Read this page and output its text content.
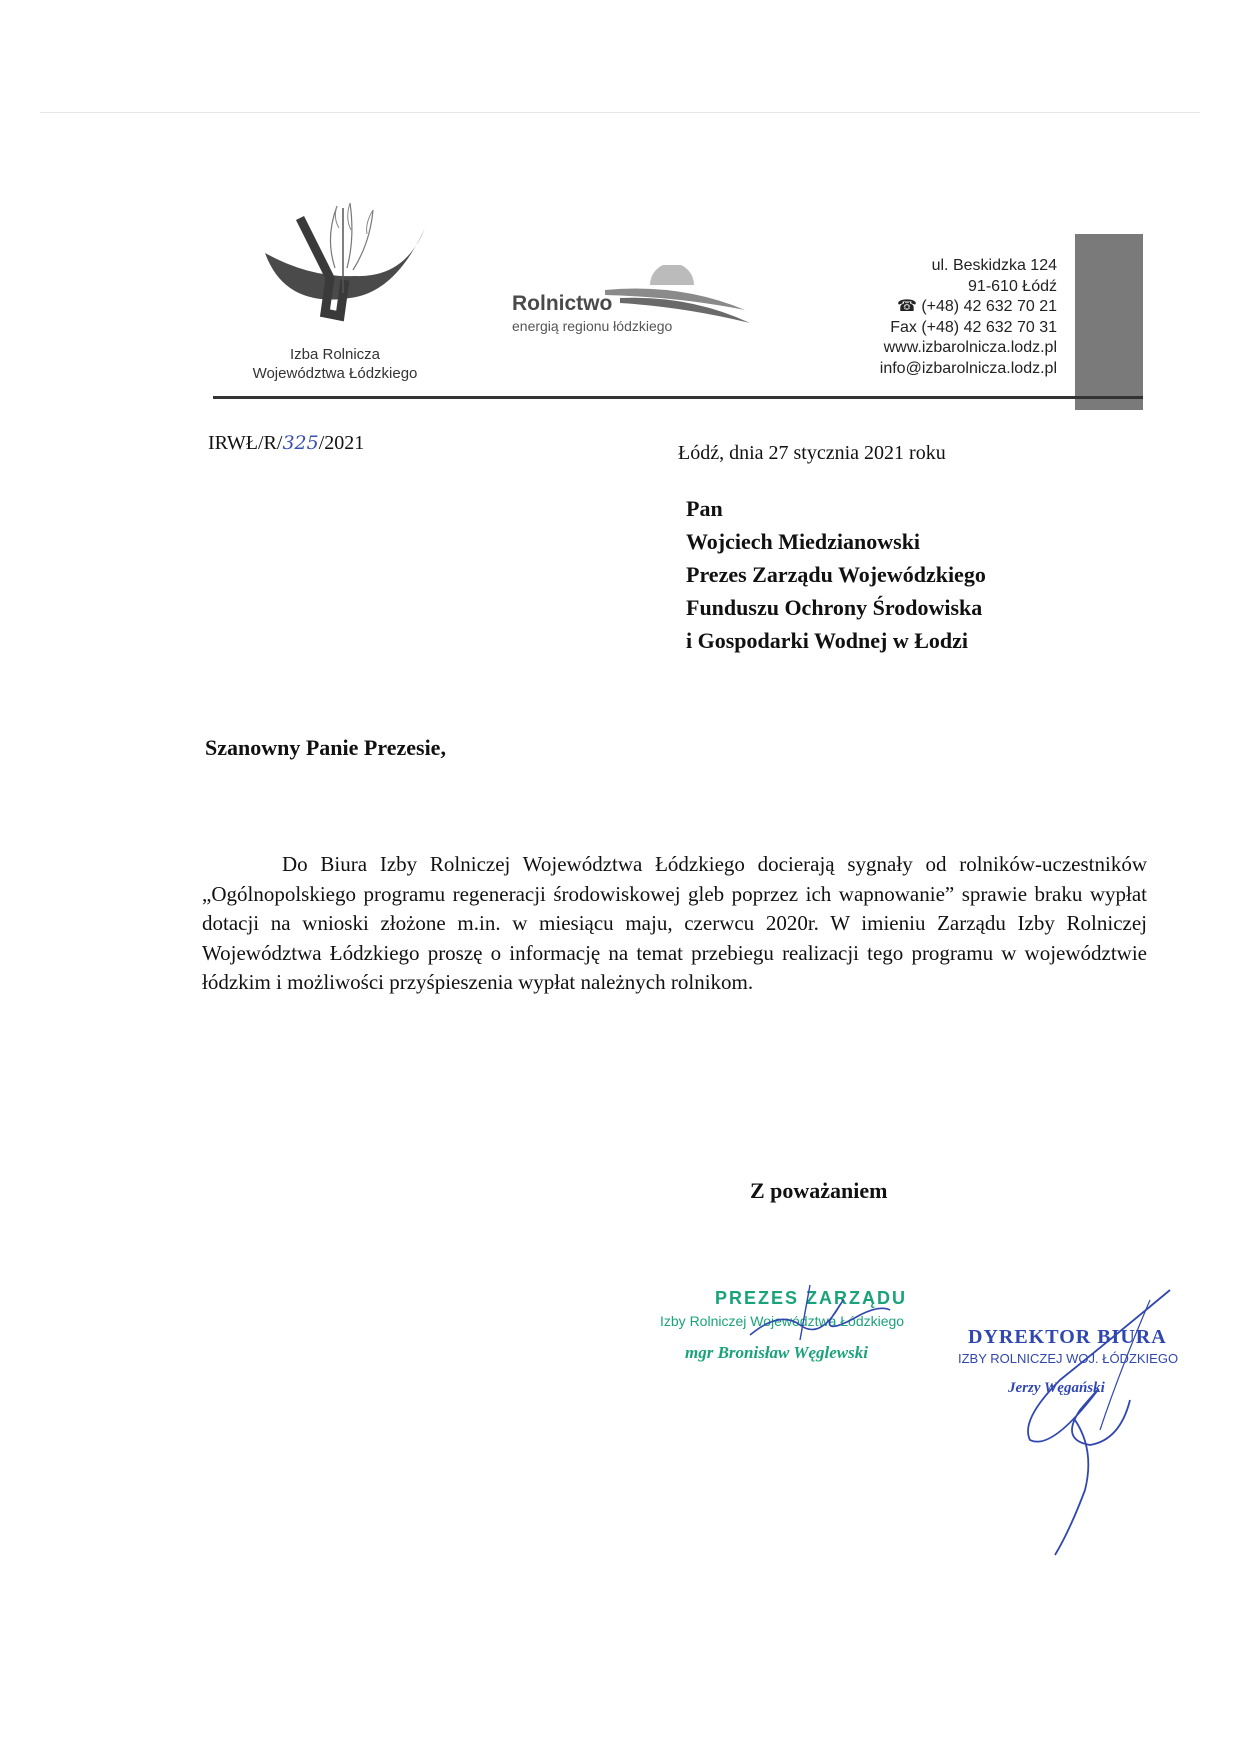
Izba Rolnicza
Województwa Łódzkiego
Rolnictwo
energią regionu łódzkiego
ul. Beskidzka 124
91-610 Łódź
☎ (+48) 42 632 70 21
Fax (+48) 42 632 70 31
www.izbarolnicza.lodz.pl
info@izbarolnicza.lodz.pl
IRWŁ/R/325/2021	Łódź, dnia 27 stycznia 2021 roku
Pan
Wojciech Miedzianowski
Prezes Zarządu Wojewódzkiego
Funduszu Ochrony Środowiska
i Gospodarki Wodnej w Łodzi
Szanowny Panie Prezesie,

Do Biura Izby Rolniczej Województwa Łódzkiego docierają sygnały od rolników-uczestników „Ogólnopolskiego programu regeneracji środowiskowej gleb poprzez ich wapnowanie” sprawie braku wypłat dotacji na wnioski złożone m.in. w miesiącu maju, czerwcu 2020r. W imieniu Zarządu Izby Rolniczej Województwa Łódzkiego proszę o informację na temat przebiegu realizacji tego programu w województwie łódzkim i możliwości przyśpieszenia wypłat należnych rolnikom.

Z poważaniem
PREZES ZARZĄDU
Izby Rolniczej Województwa Łódzkiego
mgr Bronisław Węglewski
DYREKTOR BIURA
IZBY ROLNICZEJ WOJ. ŁÓDZKIEGO
Jerzy Węgański
